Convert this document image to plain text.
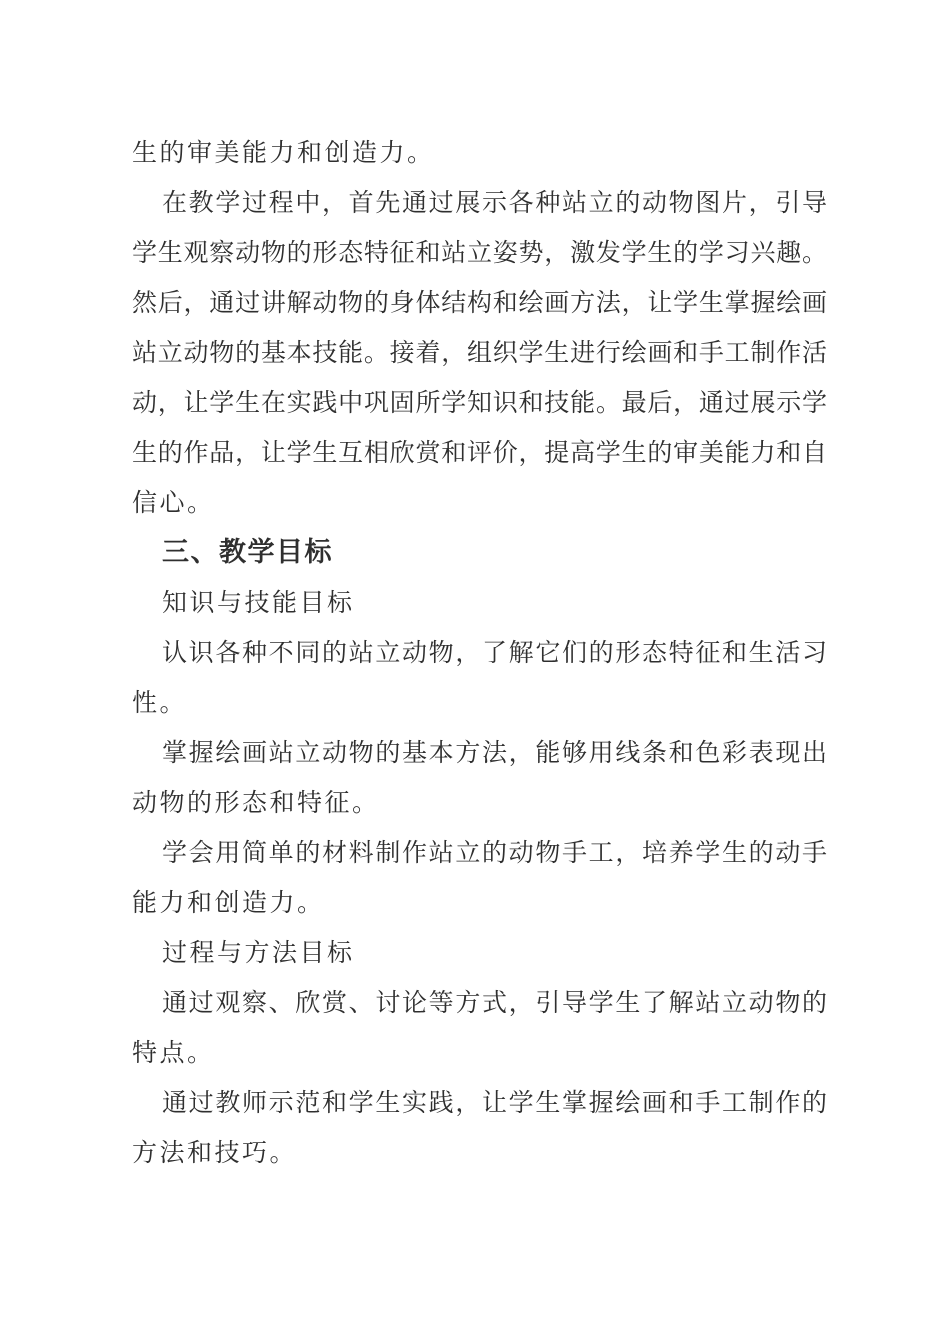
生的审美能力和创造力。
在教学过程中，首先通过展示各种站立的动物图片，引导
学生观察动物的形态特征和站立姿势，激发学生的学习兴趣。
然后，通过讲解动物的身体结构和绘画方法，让学生掌握绘画
站立动物的基本技能。接着，组织学生进行绘画和手工制作活
动，让学生在实践中巩固所学知识和技能。最后，通过展示学
生的作品，让学生互相欣赏和评价，提高学生的审美能力和自
信心。
三、教学目标
知识与技能目标
认识各种不同的站立动物，了解它们的形态特征和生活习
性。
掌握绘画站立动物的基本方法，能够用线条和色彩表现出
动物的形态和特征。
学会用简单的材料制作站立的动物手工，培养学生的动手
能力和创造力。
过程与方法目标
通过观察、欣赏、讨论等方式，引导学生了解站立动物的
特点。
通过教师示范和学生实践，让学生掌握绘画和手工制作的
方法和技巧。
